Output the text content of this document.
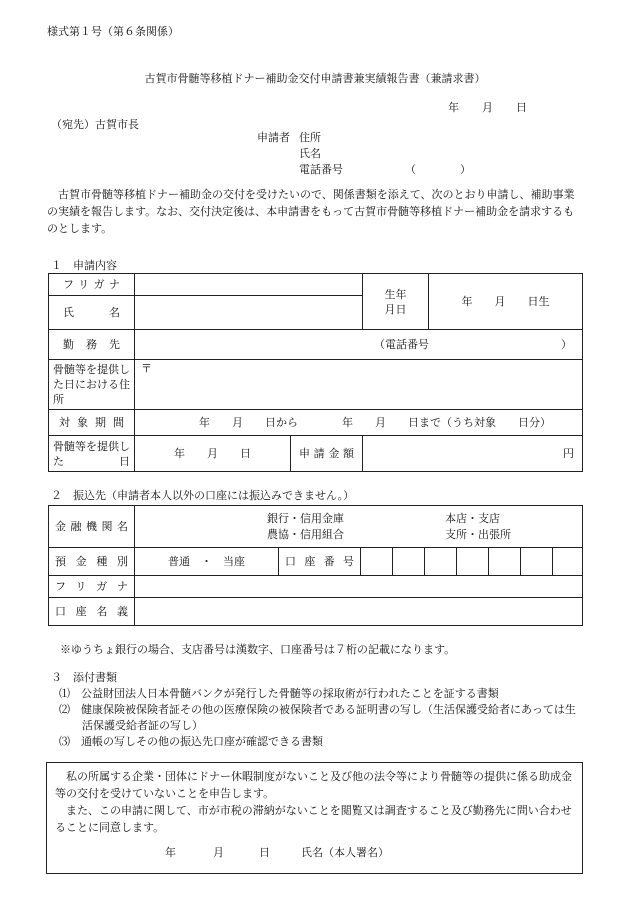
様式第１号（第６条関係）
古賀市骨髄等移植ドナー補助金交付申請書兼実績報告書（兼請求書）
年 月 日
（宛先）古賀市長
申請者 住所
氏名
電話番号	（　　　　）
古賀市骨髄等移植ドナー補助金の交付を受けたいので、関係書類を添えて、次のとおり申請し、補助事業の実績を報告します。なお、交付決定後は、本申請書をもって古賀市骨髄等移植ドナー補助金を請求するものとします。
１　申請内容
フリガナ			生年月日	年　　月　　日生

氏　　名				

勤務先	（電話番号　　　　　　　　　　　　）			

骨髄等を提供した日における住所	〒			

対象期間	年　　月　　日から　　　　年　　月　　日まで（うち対象　　日分）			

骨髄等を提供した日	年　　月　　日	申請金額	円	
２　振込先（申請者本人以外の口座には振込みできません。）
金融機関名	銀行・信用金庫
農協・信用組合
本店・支店
支所・出張所								

預金種別	普通　・　当座	口座番号							

フリガナ									

口座名義									

※ゆうちょ銀行の場合、支店番号は漢数字、口座番号は７桁の記載になります。
３　添付書類
⑴　公益財団法人日本骨髄バンクが発行した骨髄等の採取術が行われたことを証する書類
⑵　健康保険被保険者証その他の医療保険の被保険者である証明書の写し（生活保護受給者にあっては生
活保護受給者証の写し）
⑶　通帳の写しその他の振込先口座が確認できる書類
私の所属する企業・団体にドナー休暇制度がないこと及び他の法令等により骨髄等の提供に係る助成金等の交付を受けていないことを申告します。
また、この申請に関して、市が市税の滞納がないことを閲覧又は調査すること及び勤務先に問い合わせることに同意します。
年	月	日	氏名（本人署名）
